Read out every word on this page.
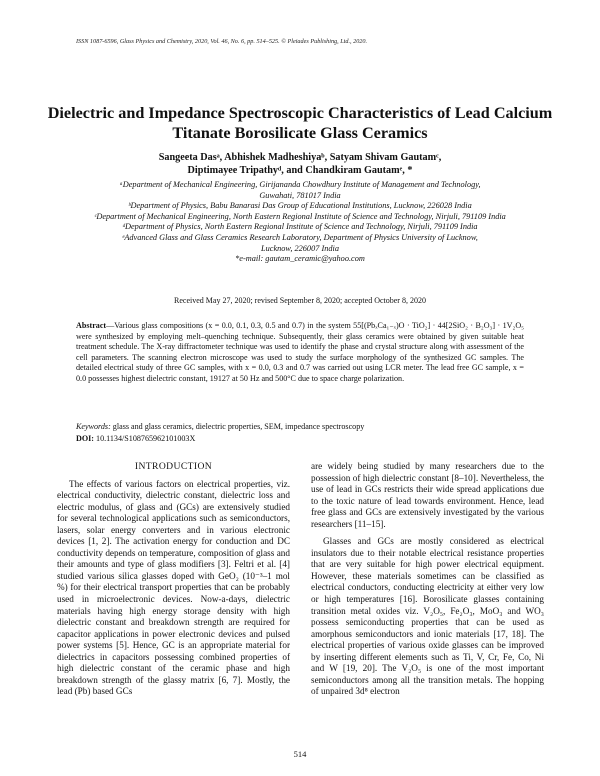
ISSN 1087-6596, Glass Physics and Chemistry, 2020, Vol. 46, No. 6, pp. 514–525. © Pleiades Publishing, Ltd., 2020.
Dielectric and Impedance Spectroscopic Characteristics of Lead Calcium Titanate Borosilicate Glass Ceramics
Sangeeta Dasᵃ, Abhishek Madheshiyaᵇ, Satyam Shivam Gautamᶜ,
Diptimayee Tripathyᵈ, and Chandkiram Gautamᵉ, *
ᵃDepartment of Mechanical Engineering, Girijananda Chowdhury Institute of Management and Technology,
Guwahati, 781017 India
ᵇDepartment of Physics, Babu Banarasi Das Group of Educational Institutions, Lucknow, 226028 India
ᶜDepartment of Mechanical Engineering, North Eastern Regional Institute of Science and Technology, Nirjuli, 791109 India
ᵈDepartment of Physics, North Eastern Regional Institute of Science and Technology, Nirjuli, 791109 India
ᵉAdvanced Glass and Glass Ceramics Research Laboratory, Department of Physics University of Lucknow,
Lucknow, 226007 India
*e-mail: gautam_ceramic@yahoo.com
Received May 27, 2020; revised September 8, 2020; accepted October 8, 2020
Abstract—Various glass compositions (x = 0.0, 0.1, 0.3, 0.5 and 0.7) in the system 55[(PbₓCa₁₋ₓ)O · TiO₂] · 44[2SiO₂ · B₂O₃] · 1V₂O₅ were synthesized by employing melt–quenching technique. Subsequently, their glass ceramics were obtained by given suitable heat treatment schedule. The X-ray diffractometer technique was used to identify the phase and crystal structure along with assessment of the cell parameters. The scanning electron microscope was used to study the surface morphology of the synthesized GC samples. The detailed electrical study of three GC samples, with x = 0.0, 0.3 and 0.7 was carried out using LCR meter. The lead free GC sample, x = 0.0 possesses highest dielectric constant, 19127 at 50 Hz and 500°C due to space charge polarization.
Keywords: glass and glass ceramics, dielectric properties, SEM, impedance spectroscopy
DOI: 10.1134/S108765962101003X
INTRODUCTION

The effects of various factors on electrical properties, viz. electrical conductivity, dielectric constant, dielectric loss and electric modulus, of glass and (GCs) are extensively studied for several technological applications such as semiconductors, lasers, solar energy converters and in various electronic devices [1, 2]. The activation energy for conduction and DC conductivity depends on temperature, composition of glass and their amounts and type of glass modifiers [3]. Feltri et al. [4] studied various silica glasses doped with GeO₂ (10⁻³–1 mol %) for their electrical transport properties that can be probably used in microelectronic devices. Now-a-days, dielectric materials having high energy storage density with high dielectric constant and breakdown strength are required for capacitor applications in power electronic devices and pulsed power systems [5]. Hence, GC is an appropriate material for dielectrics in capacitors possessing combined properties of high dielectric constant of the ceramic phase and high breakdown strength of the glassy matrix [6, 7]. Mostly, the lead (Pb) based GCs

are widely being studied by many researchers due to the possession of high dielectric constant [8–10]. Nevertheless, the use of lead in GCs restricts their wide spread applications due to the toxic nature of lead towards environment. Hence, lead free glass and GCs are extensively investigated by the various researchers [11–15].

Glasses and GCs are mostly considered as electrical insulators due to their notable electrical resistance properties that are very suitable for high power electrical equipment. However, these materials sometimes can be classified as electrical conductors, conducting electricity at either very low or high temperatures [16]. Borosilicate glasses containing transition metal oxides viz. V₂O₅, Fe₂O₃, MoO₃ and WO₃ possess semiconducting properties that can be used as amorphous semiconductors and ionic materials [17, 18]. The electrical properties of various oxide glasses can be improved by inserting different elements such as Ti, V, Cr, Fe, Co, Ni and W [19, 20]. The V₂O₅ is one of the most important semiconductors among all the transition metals. The hopping of unpaired 3d⁸ electron

514
